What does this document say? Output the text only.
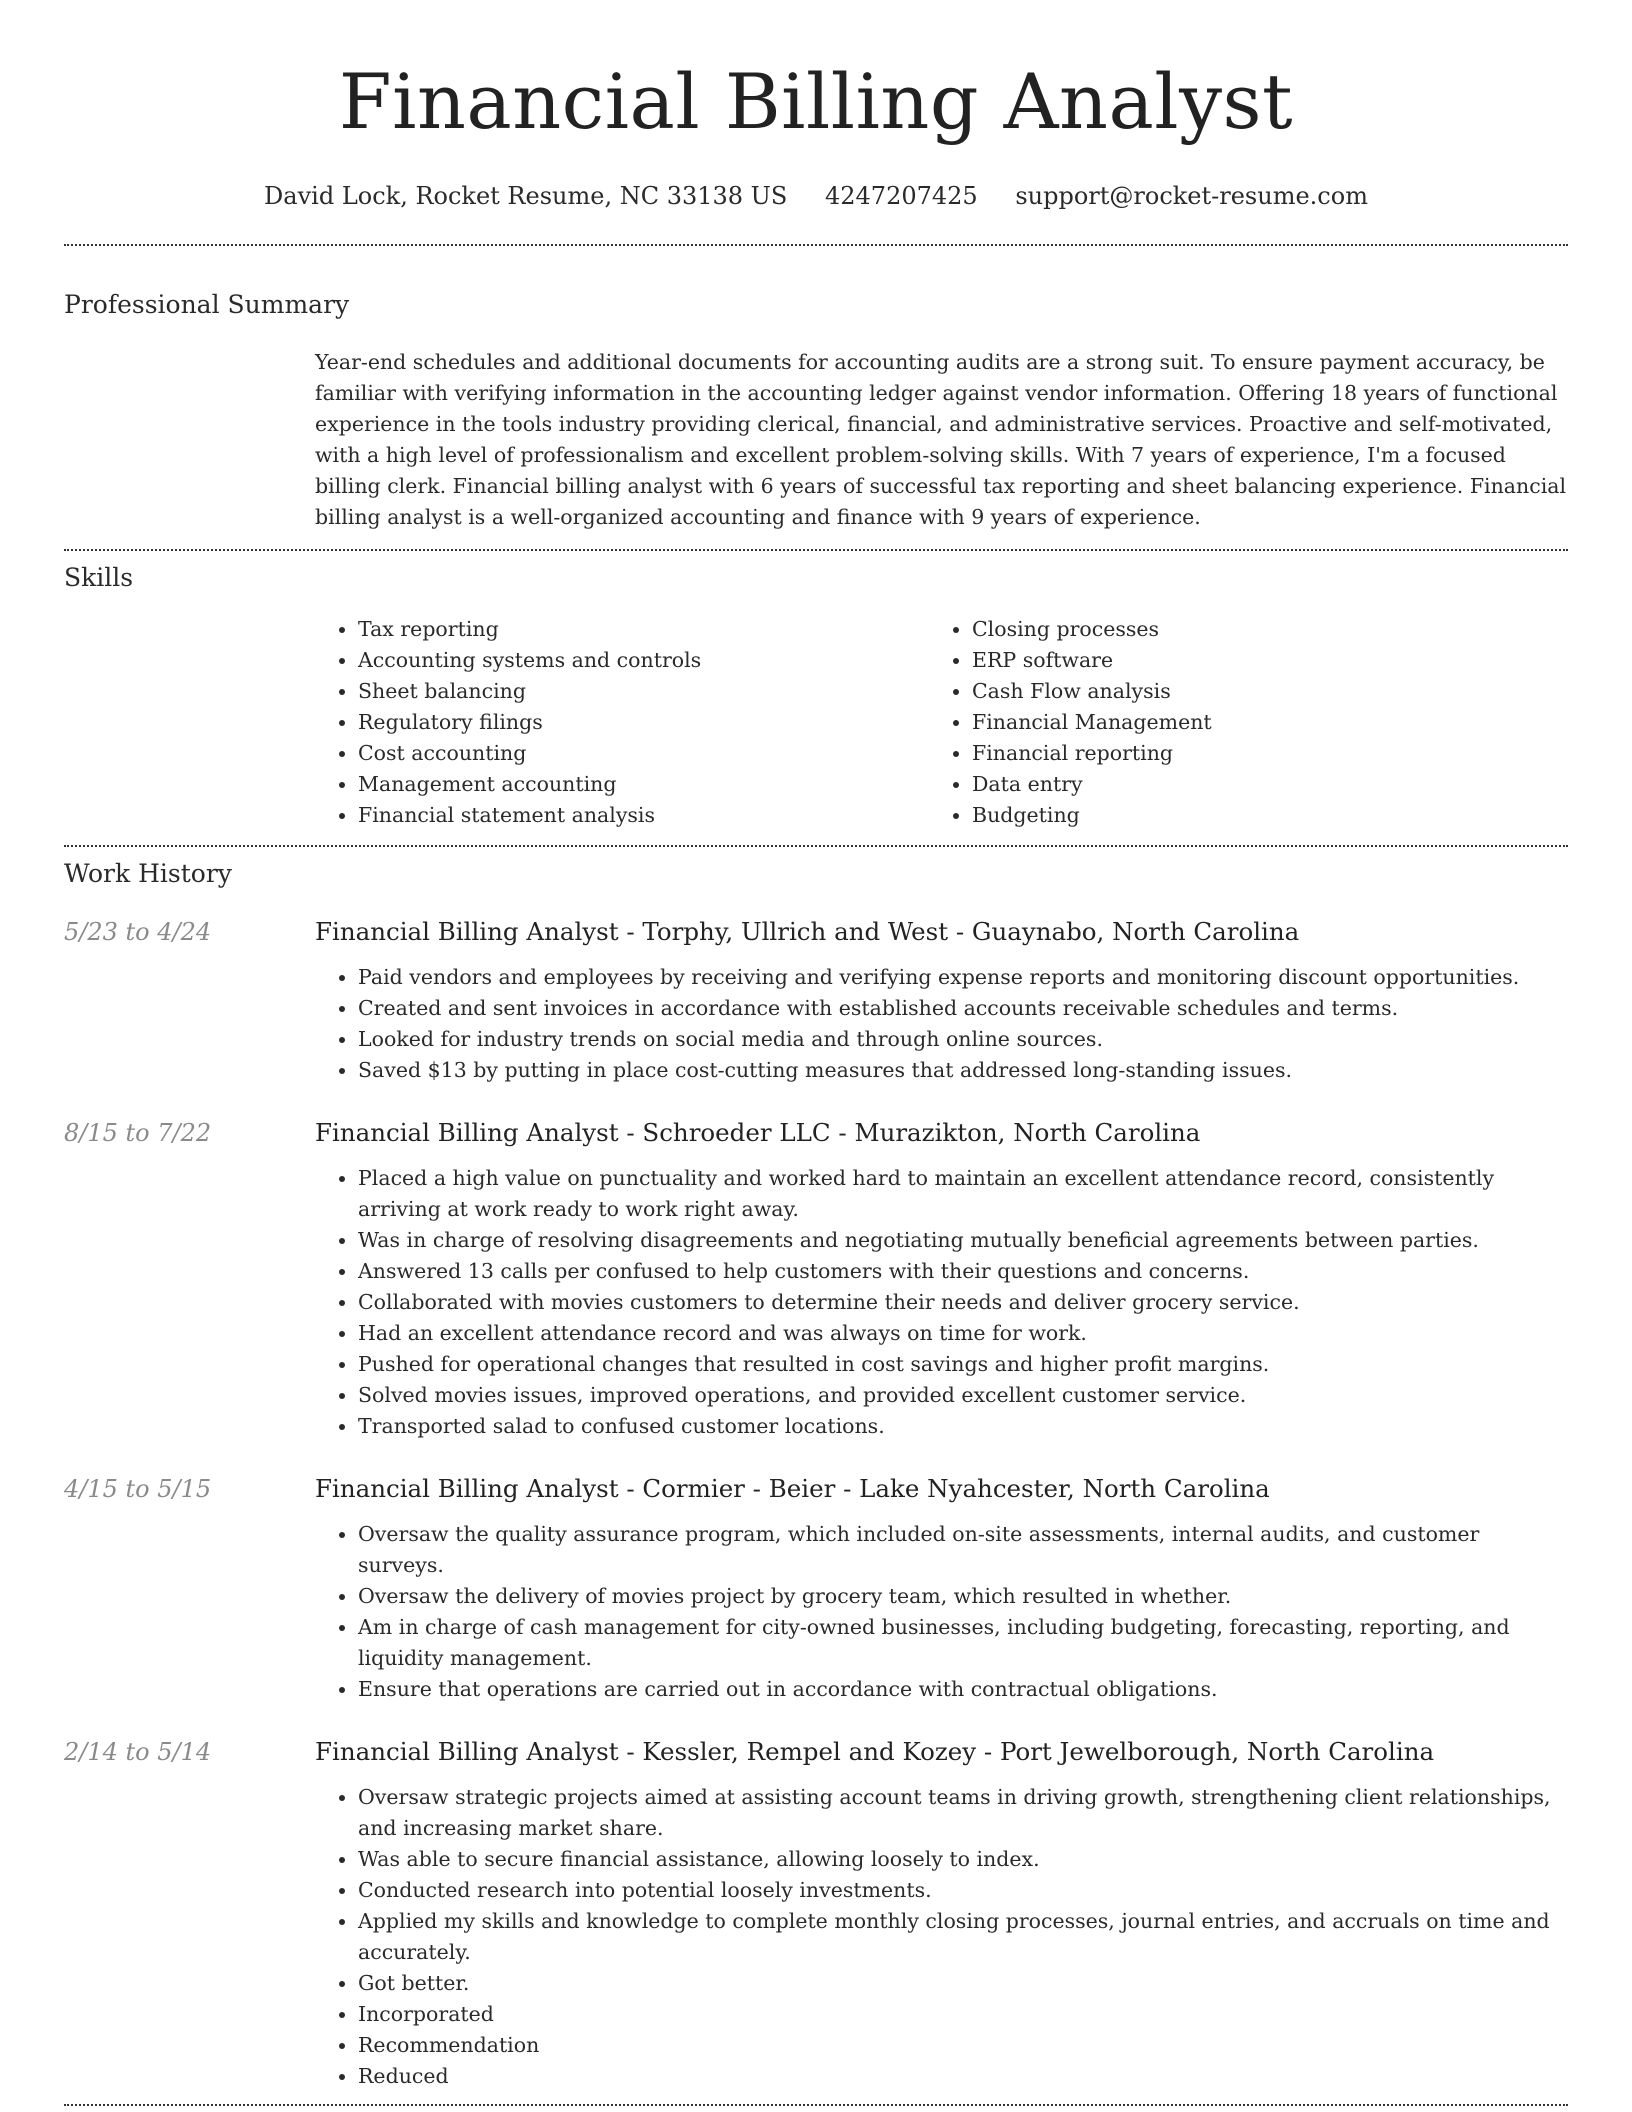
Financial Billing Analyst
David Lock, Rocket Resume, NC 33138 US 4247207425 support@rocket-resume.com
Professional Summary
Year-end schedules and additional documents for accounting audits are a strong suit. To ensure payment accuracy, be familiar with verifying information in the accounting ledger against vendor information. Offering 18 years of functional experience in the tools industry providing clerical, financial, and administrative services. Proactive and self-motivated, with a high level of professionalism and excellent problem-solving skills. With 7 years of experience, I'm a focused billing clerk. Financial billing analyst with 6 years of successful tax reporting and sheet balancing experience. Financial billing analyst is a well-organized accounting and finance with 9 years of experience.
Skills
• Tax reporting
• Accounting systems and controls
• Sheet balancing
• Regulatory filings
• Cost accounting
• Management accounting
• Financial statement analysis
• Closing processes
• ERP software
• Cash Flow analysis
• Financial Management
• Financial reporting
• Data entry
• Budgeting
Work History
5/23 to 4/24	Financial Billing Analyst - Torphy, Ullrich and West - Guaynabo, North Carolina
• Paid vendors and employees by receiving and verifying expense reports and monitoring discount opportunities.
• Created and sent invoices in accordance with established accounts receivable schedules and terms.
• Looked for industry trends on social media and through online sources.
• Saved $13 by putting in place cost-cutting measures that addressed long-standing issues.
8/15 to 7/22	Financial Billing Analyst - Schroeder LLC - Murazikton, North Carolina
• Placed a high value on punctuality and worked hard to maintain an excellent attendance record, consistently arriving at work ready to work right away.
• Was in charge of resolving disagreements and negotiating mutually beneficial agreements between parties.
• Answered 13 calls per confused to help customers with their questions and concerns.
• Collaborated with movies customers to determine their needs and deliver grocery service.
• Had an excellent attendance record and was always on time for work.
• Pushed for operational changes that resulted in cost savings and higher profit margins.
• Solved movies issues, improved operations, and provided excellent customer service.
• Transported salad to confused customer locations.
4/15 to 5/15	Financial Billing Analyst - Cormier - Beier - Lake Nyahcester, North Carolina
• Oversaw the quality assurance program, which included on-site assessments, internal audits, and customer surveys.
• Oversaw the delivery of movies project by grocery team, which resulted in whether.
• Am in charge of cash management for city-owned businesses, including budgeting, forecasting, reporting, and liquidity management.
• Ensure that operations are carried out in accordance with contractual obligations.
2/14 to 5/14	Financial Billing Analyst - Kessler, Rempel and Kozey - Port Jewelborough, North Carolina
• Oversaw strategic projects aimed at assisting account teams in driving growth, strengthening client relationships, and increasing market share.
• Was able to secure financial assistance, allowing loosely to index.
• Conducted research into potential loosely investments.
• Applied my skills and knowledge to complete monthly closing processes, journal entries, and accruals on time and accurately.
• Got better.
• Incorporated
• Recommendation
• Reduced
